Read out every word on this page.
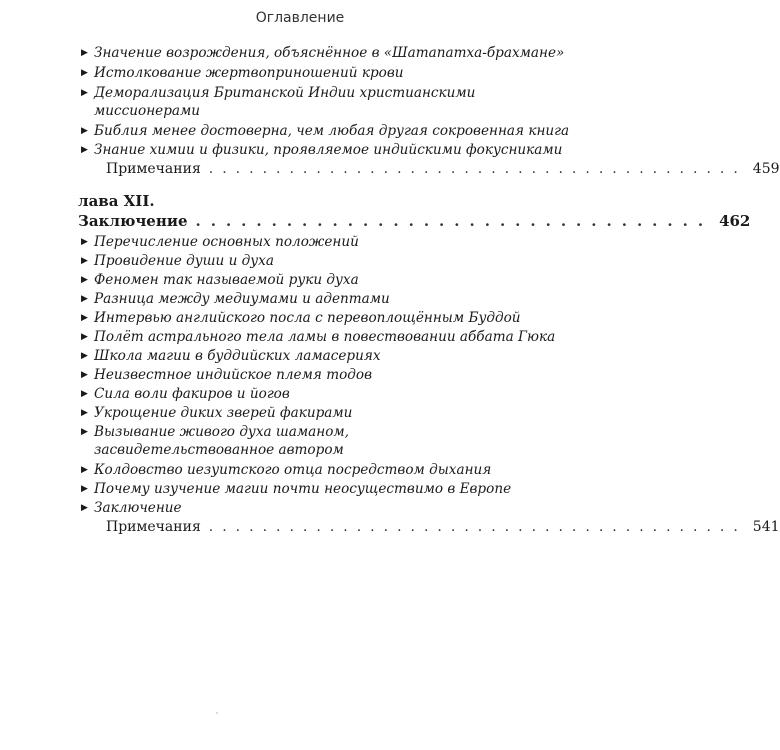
Оглавление
▶ Значение возрождения, объяснённое в «Шатапатха-брахмане»
▶ Истолкование жертвоприношений крови
▶ Деморализация Британской Индии христианскими миссионерами
▶ Библия менее достоверна, чем любая другая сокровенная книга
▶ Знание химии и физики, проявляемое индийскими фокусниками
Примечания ........................................ 459
лава XII.
Заключение .................................. 462
▶ Перечисление основных положений
▶ Провидение души и духа
▶ Феномен так называемой руки духа
▶ Разница между медиумами и адептами
▶ Интервью английского посла с перевоплощённым Буддой
▶ Полёт астрального тела ламы в повествовании аббата Гюка
▶ Школа магии в буддийских ламасериях
▶ Неизвестное индийское племя тодов
▶ Сила воли факиров и йогов
▶ Укрощение диких зверей факирами
▶ Вызывание живого духа шаманом, засвидетельствованное автором
▶ Колдовство иезуитского отца посредством дыхания
▶ Почему изучение магии почти неосуществимо в Европе
▶ Заключение
Примечания ........................................ 541
